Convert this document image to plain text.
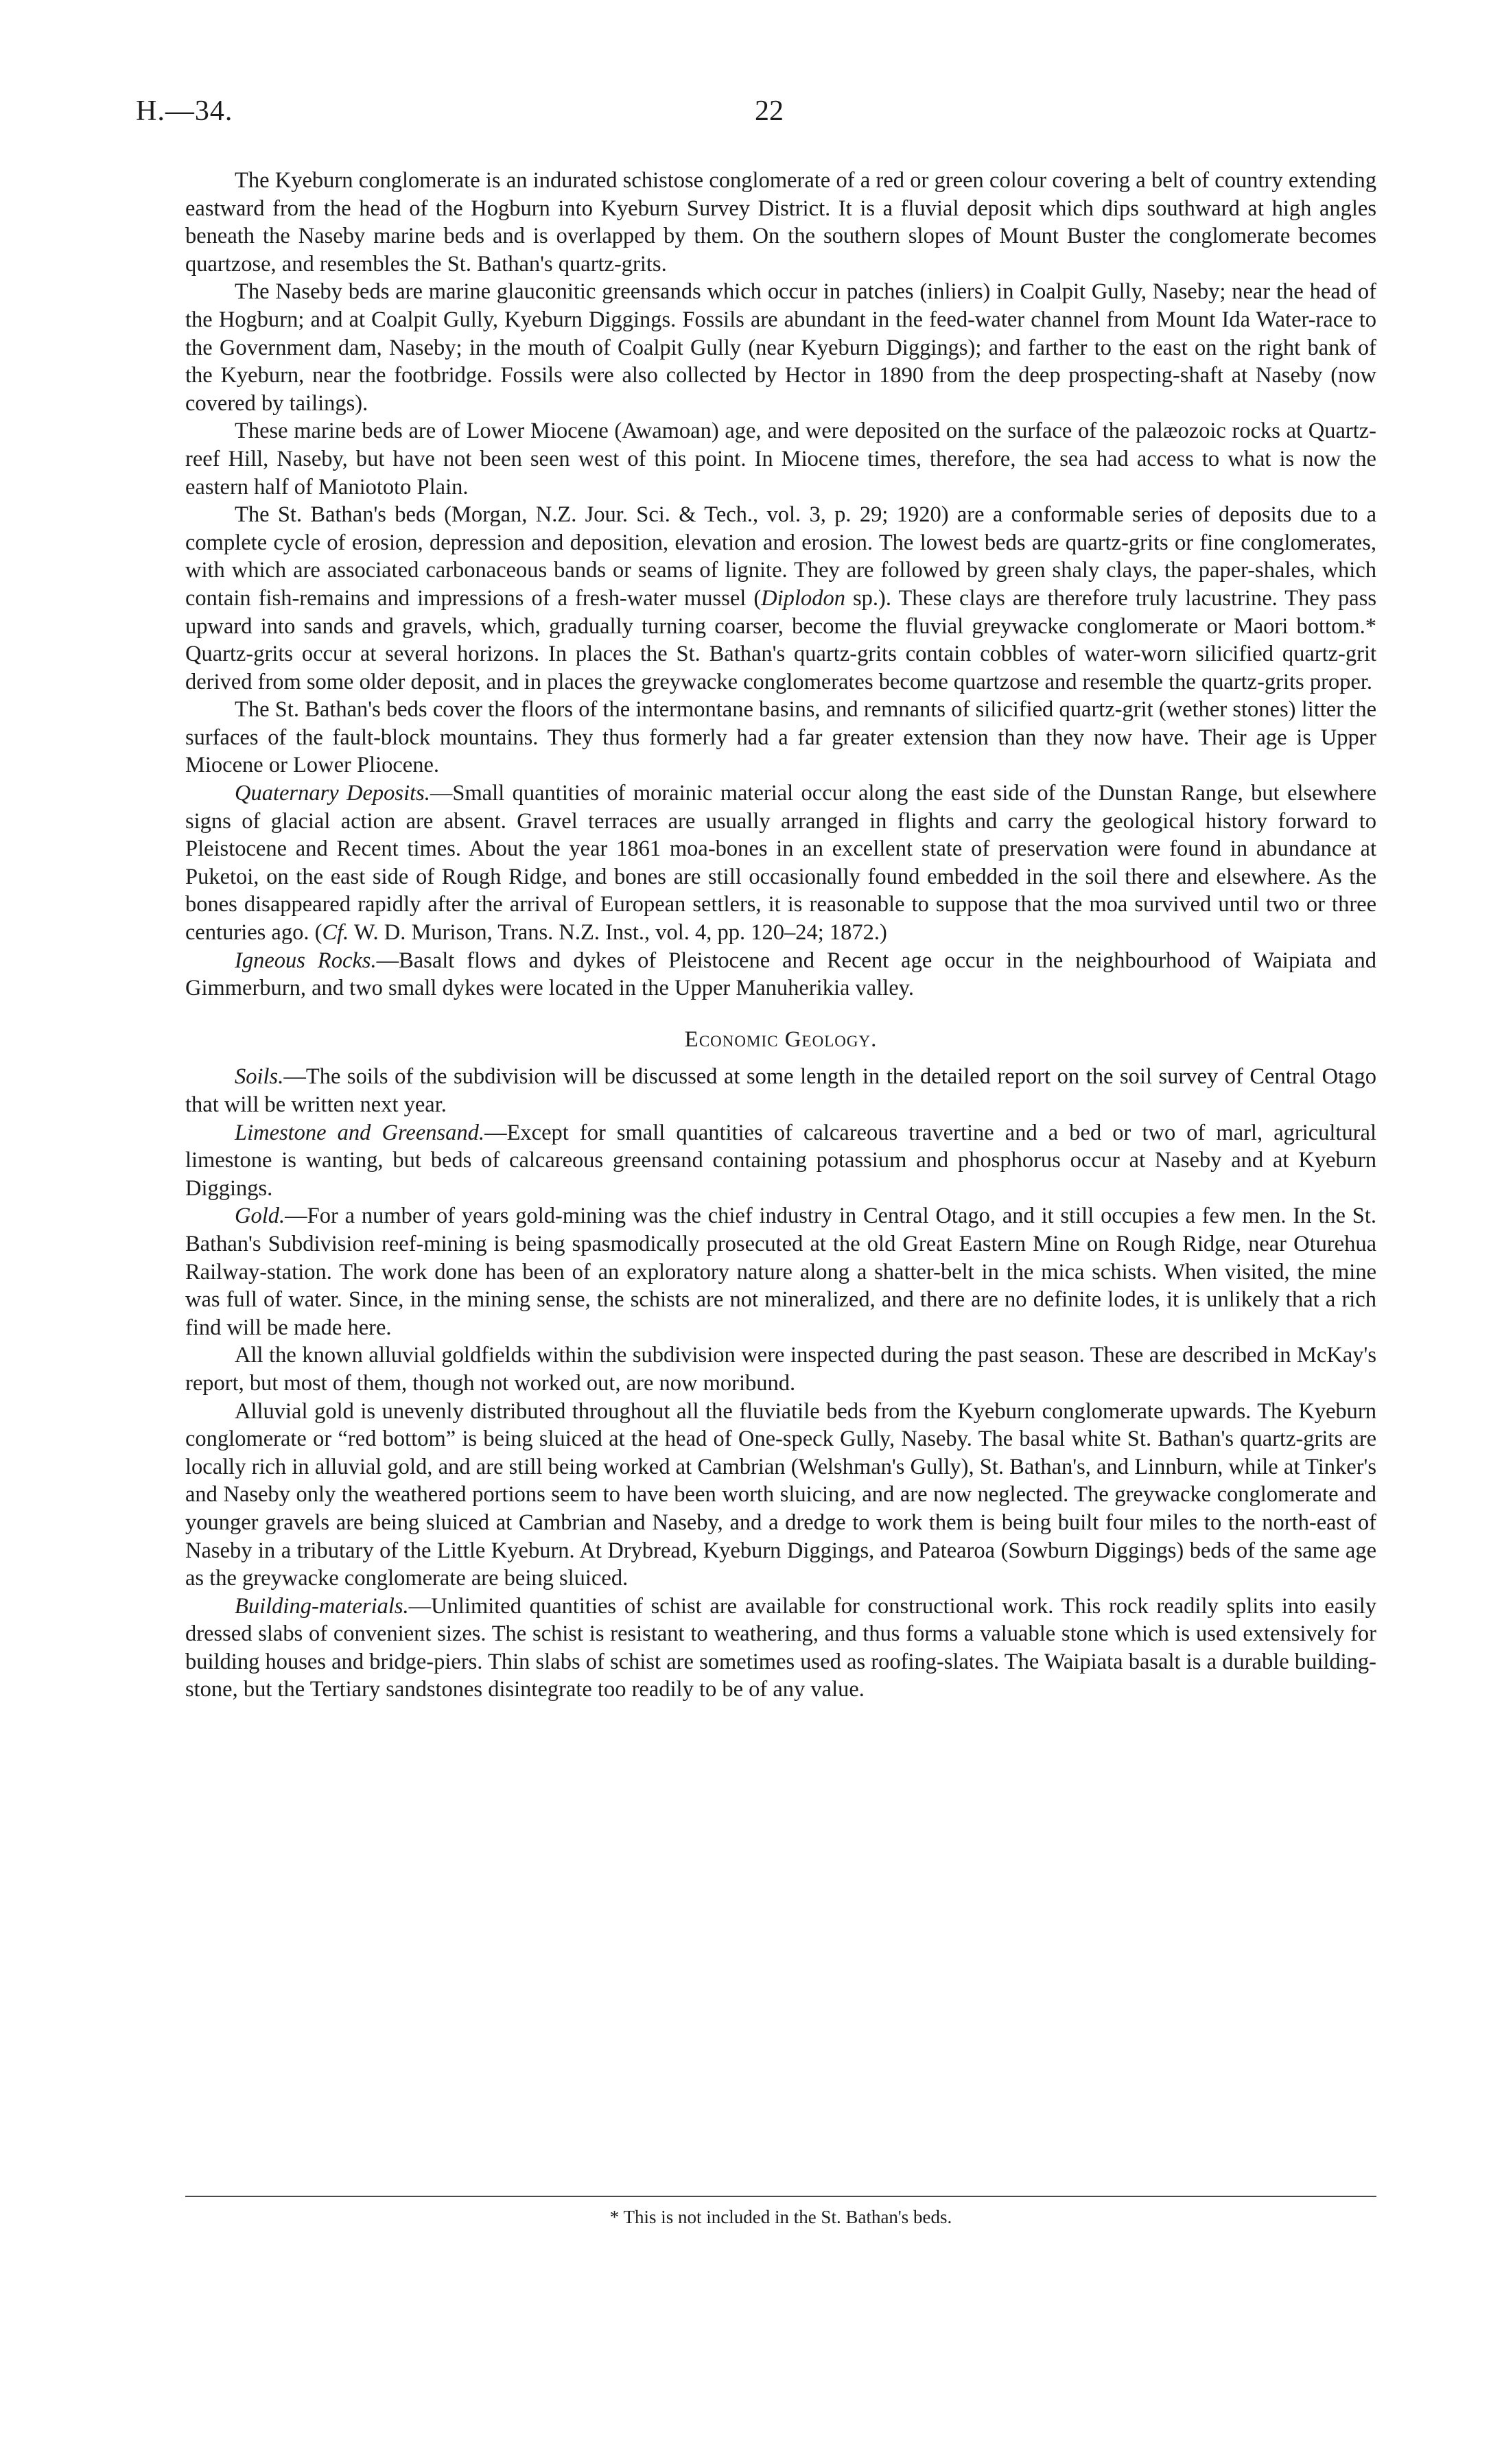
H.—34.	22

The Kyeburn conglomerate is an indurated schistose conglomerate of a red or green colour covering a belt of country extending eastward from the head of the Hogburn into Kyeburn Survey District. It is a fluvial deposit which dips southward at high angles beneath the Naseby marine beds and is overlapped by them. On the southern slopes of Mount Buster the conglomerate becomes quartzose, and resembles the St. Bathan's quartz-grits.

The Naseby beds are marine glauconitic greensands which occur in patches (inliers) in Coalpit Gully, Naseby; near the head of the Hogburn; and at Coalpit Gully, Kyeburn Diggings. Fossils are abundant in the feed-water channel from Mount Ida Water-race to the Government dam, Naseby; in the mouth of Coalpit Gully (near Kyeburn Diggings); and farther to the east on the right bank of the Kyeburn, near the footbridge. Fossils were also collected by Hector in 1890 from the deep prospecting-shaft at Naseby (now covered by tailings).

These marine beds are of Lower Miocene (Awamoan) age, and were deposited on the surface of the palæozoic rocks at Quartz-reef Hill, Naseby, but have not been seen west of this point. In Miocene times, therefore, the sea had access to what is now the eastern half of Maniototo Plain.

The St. Bathan's beds (Morgan, N.Z. Jour. Sci. & Tech., vol. 3, p. 29; 1920) are a conformable series of deposits due to a complete cycle of erosion, depression and deposition, elevation and erosion. The lowest beds are quartz-grits or fine conglomerates, with which are associated carbonaceous bands or seams of lignite. They are followed by green shaly clays, the paper-shales, which contain fish-remains and impressions of a fresh-water mussel (Diplodon sp.). These clays are therefore truly lacustrine. They pass upward into sands and gravels, which, gradually turning coarser, become the fluvial greywacke conglomerate or Maori bottom.* Quartz-grits occur at several horizons. In places the St. Bathan's quartz-grits contain cobbles of water-worn silicified quartz-grit derived from some older deposit, and in places the greywacke conglomerates become quartzose and resemble the quartz-grits proper.

The St. Bathan's beds cover the floors of the intermontane basins, and remnants of silicified quartz-grit (wether stones) litter the surfaces of the fault-block mountains. They thus formerly had a far greater extension than they now have. Their age is Upper Miocene or Lower Pliocene.

Quaternary Deposits.—Small quantities of morainic material occur along the east side of the Dunstan Range, but elsewhere signs of glacial action are absent. Gravel terraces are usually arranged in flights and carry the geological history forward to Pleistocene and Recent times. About the year 1861 moa-bones in an excellent state of preservation were found in abundance at Puketoi, on the east side of Rough Ridge, and bones are still occasionally found embedded in the soil there and elsewhere. As the bones disappeared rapidly after the arrival of European settlers, it is reasonable to suppose that the moa survived until two or three centuries ago. (Cf. W. D. Murison, Trans. N.Z. Inst., vol. 4, pp. 120–24; 1872.)

Igneous Rocks.—Basalt flows and dykes of Pleistocene and Recent age occur in the neighbourhood of Waipiata and Gimmerburn, and two small dykes were located in the Upper Manuherikia valley.

Economic Geology.

Soils.—The soils of the subdivision will be discussed at some length in the detailed report on the soil survey of Central Otago that will be written next year.

Limestone and Greensand.—Except for small quantities of calcareous travertine and a bed or two of marl, agricultural limestone is wanting, but beds of calcareous greensand containing potassium and phosphorus occur at Naseby and at Kyeburn Diggings.

Gold.—For a number of years gold-mining was the chief industry in Central Otago, and it still occupies a few men. In the St. Bathan's Subdivision reef-mining is being spasmodically prosecuted at the old Great Eastern Mine on Rough Ridge, near Oturehua Railway-station. The work done has been of an exploratory nature along a shatter-belt in the mica schists. When visited, the mine was full of water. Since, in the mining sense, the schists are not mineralized, and there are no definite lodes, it is unlikely that a rich find will be made here.

All the known alluvial goldfields within the subdivision were inspected during the past season. These are described in McKay's report, but most of them, though not worked out, are now moribund.

Alluvial gold is unevenly distributed throughout all the fluviatile beds from the Kyeburn conglomerate upwards. The Kyeburn conglomerate or “red bottom” is being sluiced at the head of One-speck Gully, Naseby. The basal white St. Bathan's quartz-grits are locally rich in alluvial gold, and are still being worked at Cambrian (Welshman's Gully), St. Bathan's, and Linnburn, while at Tinker's and Naseby only the weathered portions seem to have been worth sluicing, and are now neglected. The greywacke conglomerate and younger gravels are being sluiced at Cambrian and Naseby, and a dredge to work them is being built four miles to the north-east of Naseby in a tributary of the Little Kyeburn. At Drybread, Kyeburn Diggings, and Patearoa (Sowburn Diggings) beds of the same age as the greywacke conglomerate are being sluiced.

Building-materials.—Unlimited quantities of schist are available for constructional work. This rock readily splits into easily dressed slabs of convenient sizes. The schist is resistant to weathering, and thus forms a valuable stone which is used extensively for building houses and bridge-piers. Thin slabs of schist are sometimes used as roofing-slates. The Waipiata basalt is a durable building-stone, but the Tertiary sandstones disintegrate too readily to be of any value.

* This is not included in the St. Bathan's beds.
